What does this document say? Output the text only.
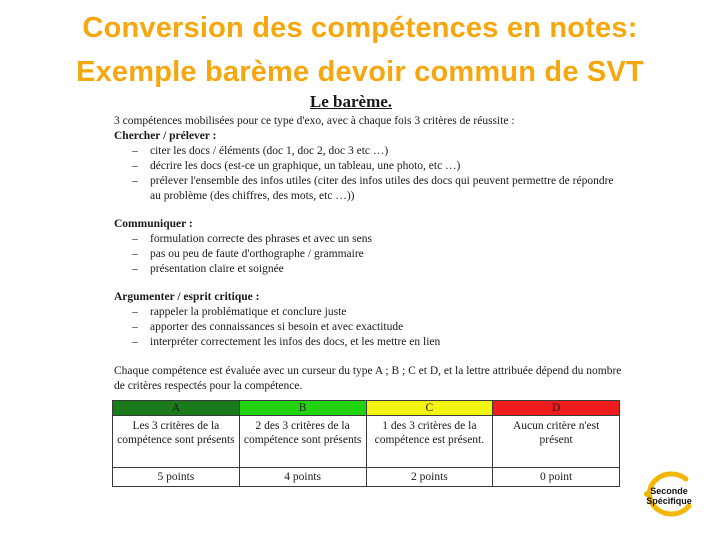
Conversion des compétences en notes:
Exemple barème devoir commun de SVT
Le barème.
3 compétences mobilisées pour ce type d'exo, avec à chaque fois 3 critères de réussite :
Chercher / prélever :
– citer les docs / éléments (doc 1, doc 2, doc 3 etc …)
– décrire les docs (est-ce un graphique, un tableau, une photo, etc …)
– prélever l'ensemble des infos utiles (citer des infos utiles des docs qui peuvent permettre de répondre au problème (des chiffres, des mots, etc …))
Communiquer :
– formulation correcte des phrases et avec un sens
– pas ou peu de faute d'orthographe / grammaire
– présentation claire et soignée
Argumenter / esprit critique :
– rappeler la problématique et conclure juste
– apporter des connaissances si besoin et avec exactitude
– interpréter correctement les infos des docs, et les mettre en lien
Chaque compétence est évaluée avec un curseur du type A ; B ; C et D, et la lettre attribuée dépend du nombre de critères respectés pour la compétence.
A	B	C	D
Les 3 critères de la compétence sont présents	2 des 3 critères de la compétence sont présents	1 des 3 critères de la compétence est présent.	Aucun critère n'est présent
5 points	4 points	2 points	0 point
Seconde
Spécifique
